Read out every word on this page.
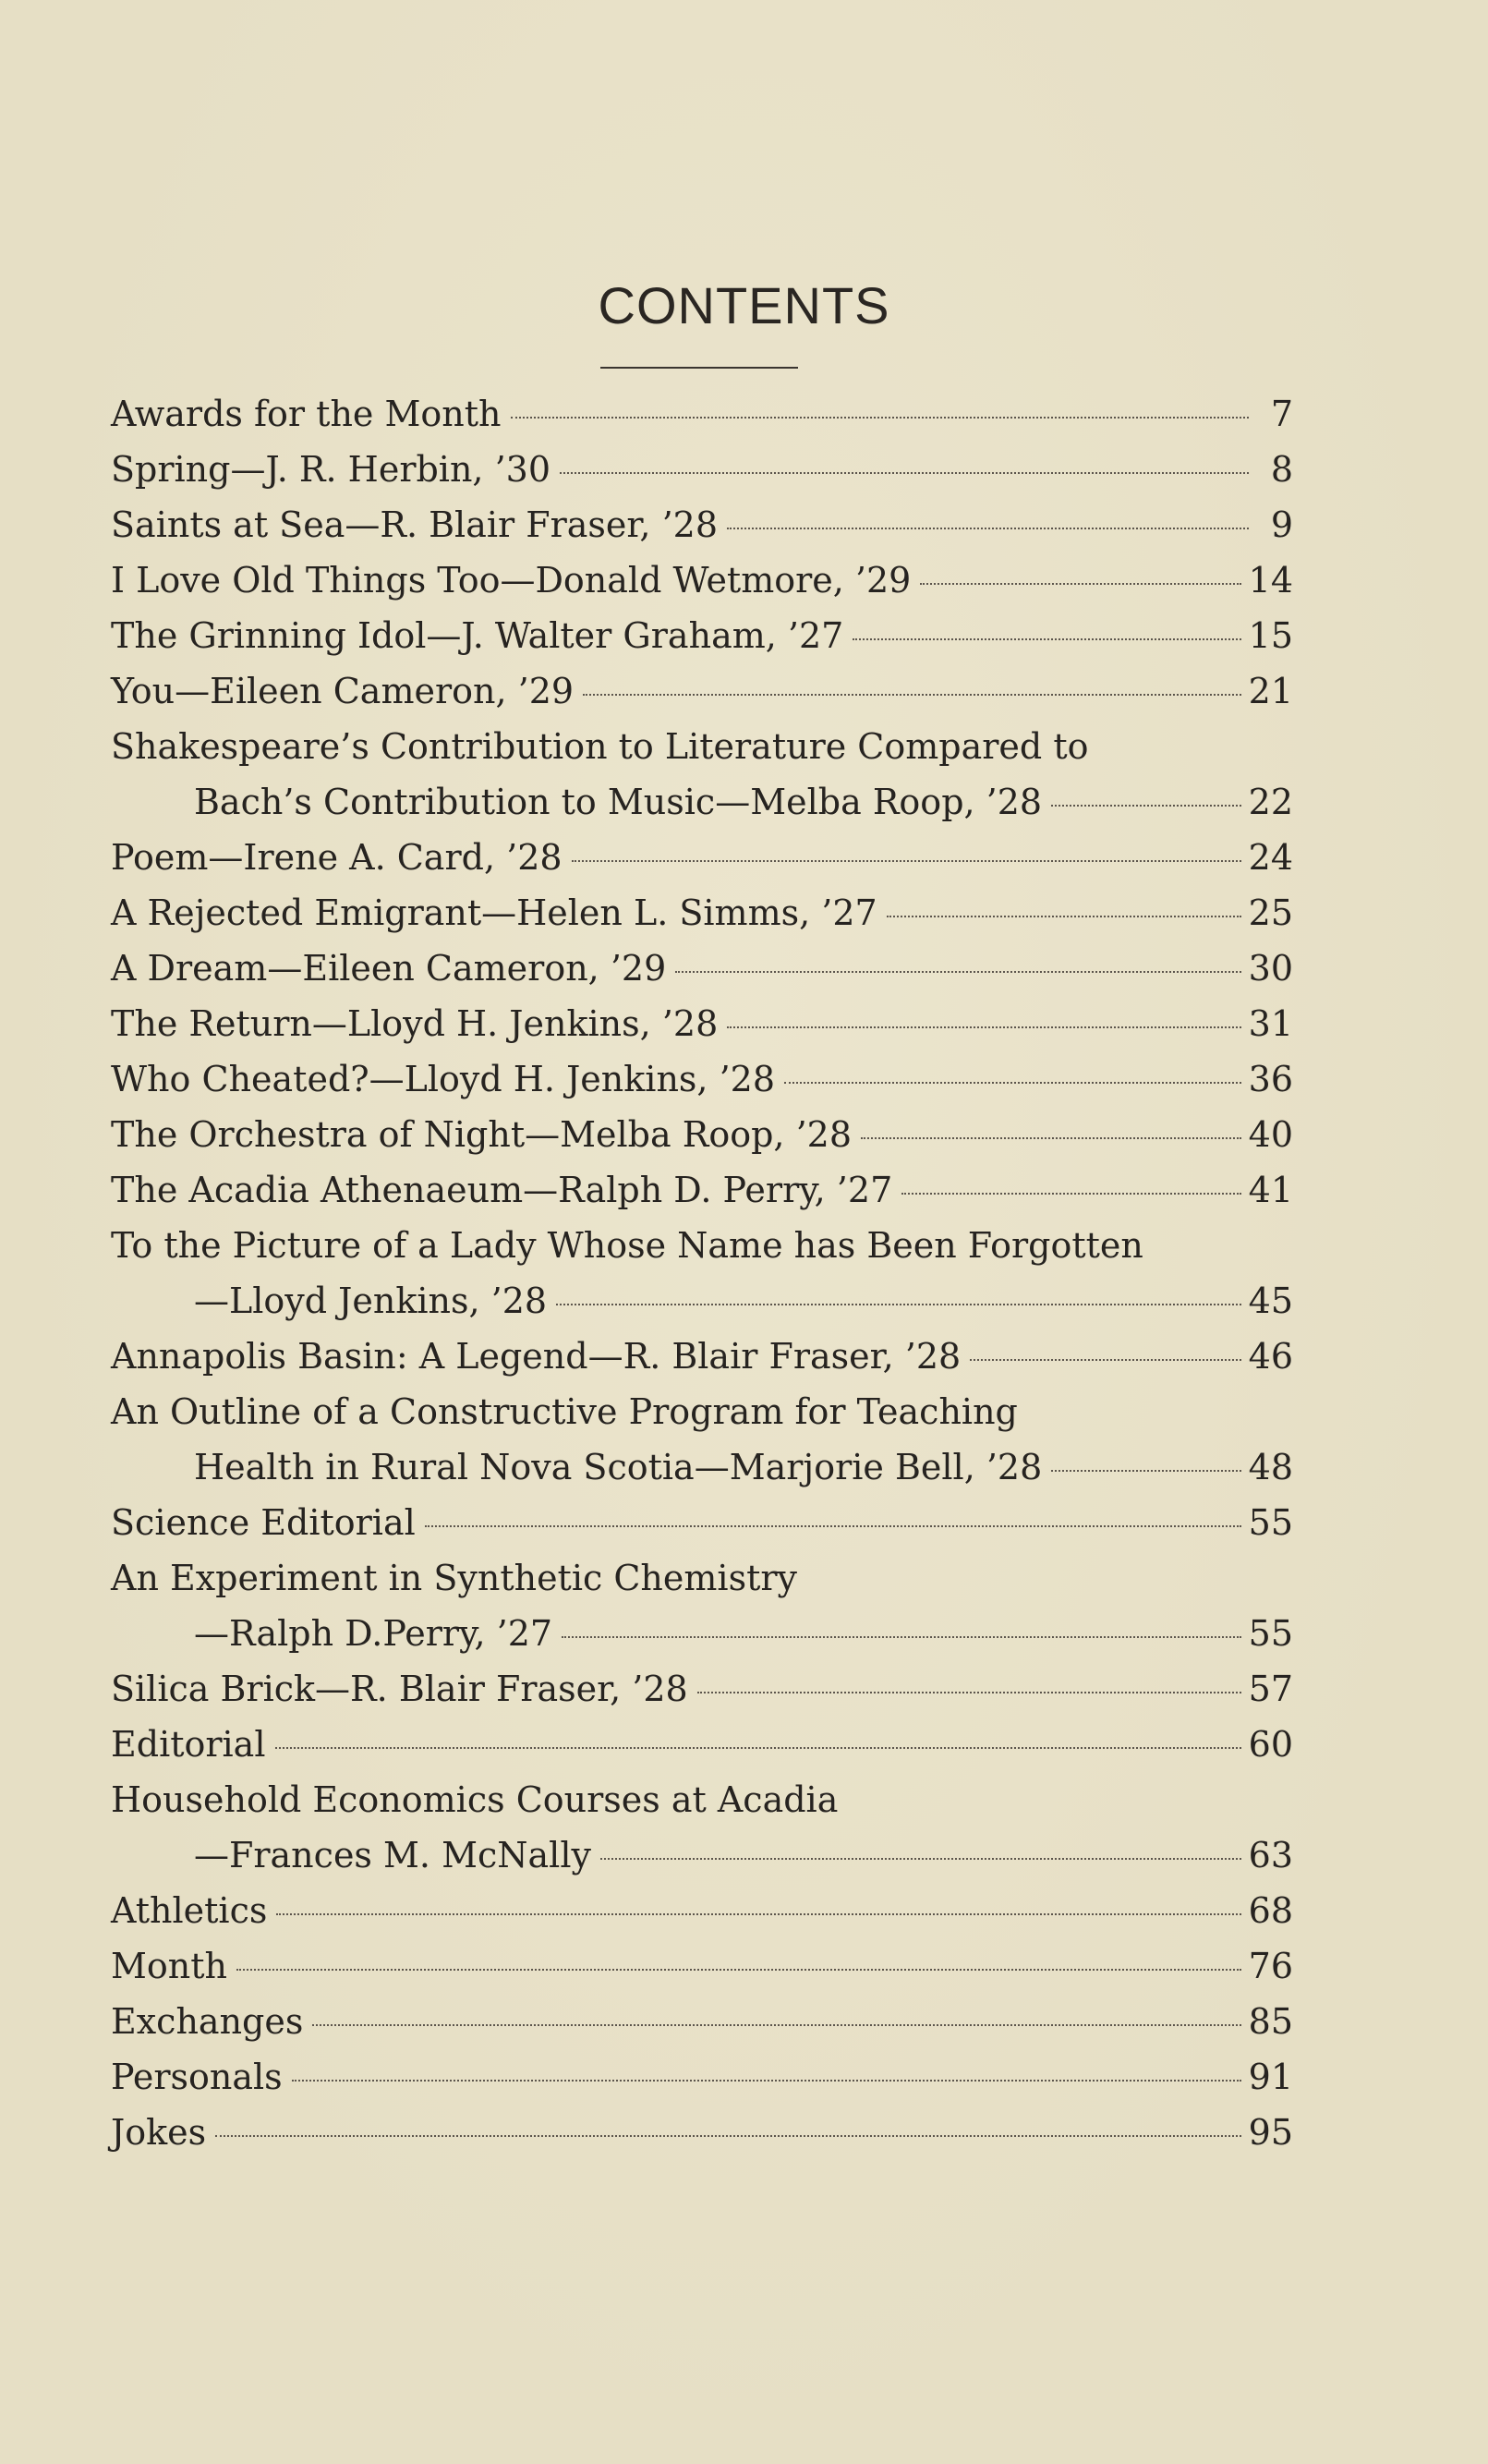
CONTENTS
Awards for the Month	7
Spring—J. R. Herbin, ’30	8
Saints at Sea—R. Blair Fraser, ’28	9
I Love Old Things Too—Donald Wetmore, ’29	14
The Grinning Idol—J. Walter Graham, ’27	15
You—Eileen Cameron, ’29	21
Shakespeare’s Contribution to Literature Compared to
Bach’s Contribution to Music—Melba Roop, ’28	22
Poem—Irene A. Card, ’28	24
A Rejected Emigrant—Helen L. Simms, ’27	25
A Dream—Eileen Cameron, ’29	30
The Return—Lloyd H. Jenkins, ’28	31
Who Cheated?—Lloyd H. Jenkins, ’28	36
The Orchestra of Night—Melba Roop, ’28	40
The Acadia Athenaeum—Ralph D. Perry, ’27	41
To the Picture of a Lady Whose Name has Been Forgotten
—Lloyd Jenkins, ’28	45
Annapolis Basin: A Legend—R. Blair Fraser, ’28	46
An Outline of a Constructive Program for Teaching
Health in Rural Nova Scotia—Marjorie Bell, ’28	48
Science Editorial	55
An Experiment in Synthetic Chemistry
—Ralph D.Perry, ’27	55
Silica Brick—R. Blair Fraser, ’28	57
Editorial	60
Household Economics Courses at Acadia
—Frances M. McNally	63
Athletics	68
Month	76
Exchanges	85
Personals	91
Jokes	95
